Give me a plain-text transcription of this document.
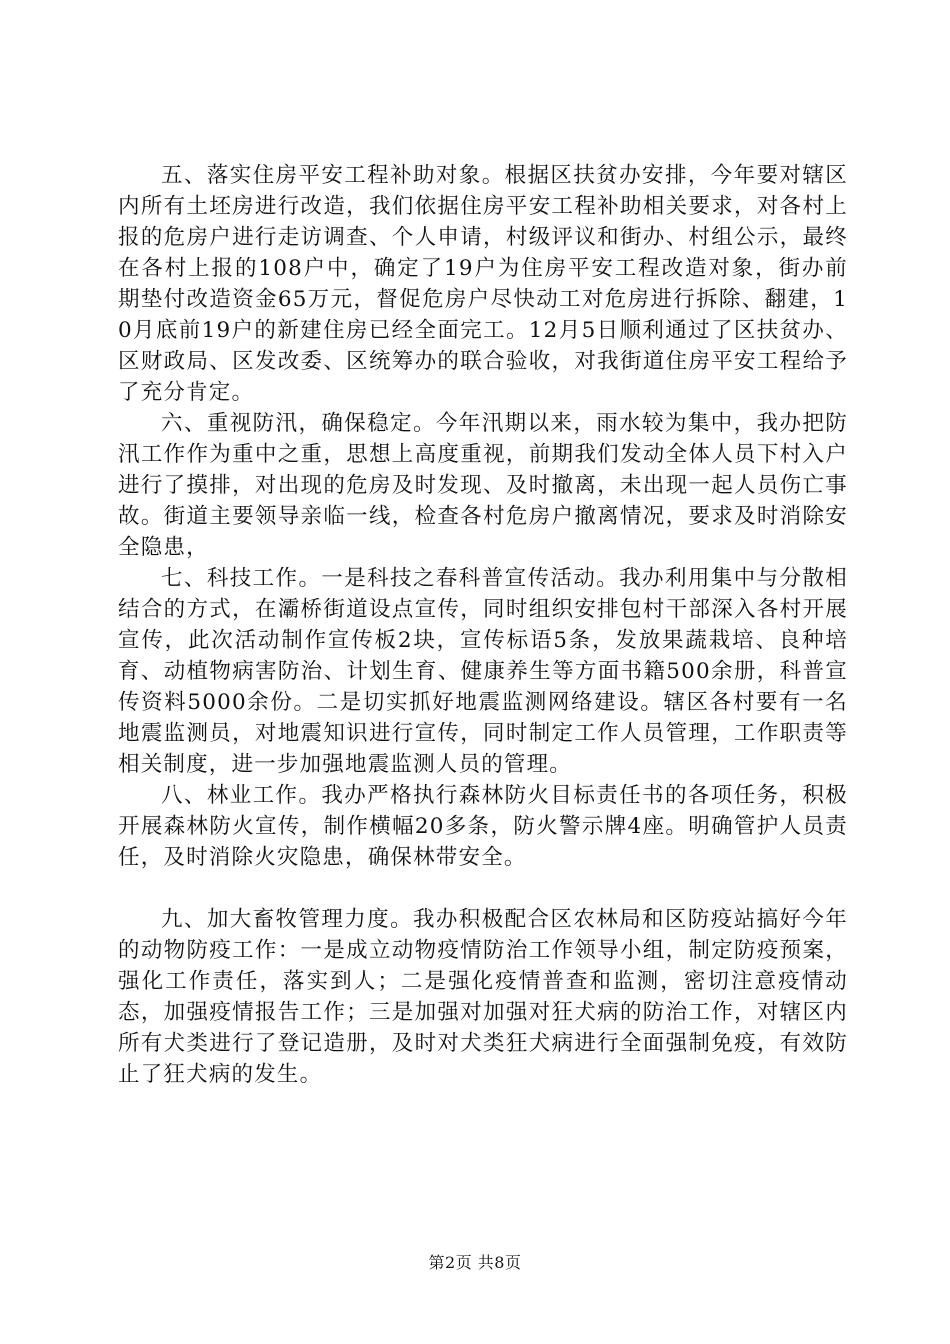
五、落实住房平安工程补助对象。根据区扶贫办安排，今年要对辖区内所有土坯房进行改造，我们依据住房平安工程补助相关要求，对各村上报的危房户进行走访调查、个人申请，村级评议和街办、村组公示，最终在各村上报的108户中，确定了19户为住房平安工程改造对象，街办前期垫付改造资金65万元，督促危房户尽快动工对危房进行拆除、翻建，10月底前19户的新建住房已经全面完工。12月5日顺利通过了区扶贫办、区财政局、区发改委、区统筹办的联合验收，对我街道住房平安工程给予了充分肯定。

六、重视防汛，确保稳定。今年汛期以来，雨水较为集中，我办把防汛工作作为重中之重，思想上高度重视，前期我们发动全体人员下村入户进行了摸排，对出现的危房及时发现、及时撤离，未出现一起人员伤亡事故。街道主要领导亲临一线，检查各村危房户撤离情况，要求及时消除安全隐患，

七、科技工作。一是科技之春科普宣传活动。我办利用集中与分散相结合的方式，在灞桥街道设点宣传，同时组织安排包村干部深入各村开展宣传，此次活动制作宣传板2块，宣传标语5条，发放果蔬栽培、良种培育、动植物病害防治、计划生育、健康养生等方面书籍500余册，科普宣传资料5000余份。二是切实抓好地震监测网络建设。辖区各村要有一名地震监测员，对地震知识进行宣传，同时制定工作人员管理，工作职责等相关制度，进一步加强地震监测人员的管理。

八、林业工作。我办严格执行森林防火目标责任书的各项任务，积极开展森林防火宣传，制作横幅20多条，防火警示牌4座。明确管护人员责任，及时消除火灾隐患，确保林带安全。

九、加大畜牧管理力度。我办积极配合区农林局和区防疫站搞好今年的动物防疫工作：一是成立动物疫情防治工作领导小组，制定防疫预案，强化工作责任，落实到人；二是强化疫情普查和监测，密切注意疫情动态，加强疫情报告工作；三是加强对加强对狂犬病的防治工作，对辖区内所有犬类进行了登记造册，及时对犬类狂犬病进行全面强制免疫，有效防止了狂犬病的发生。

第2页 共8页
